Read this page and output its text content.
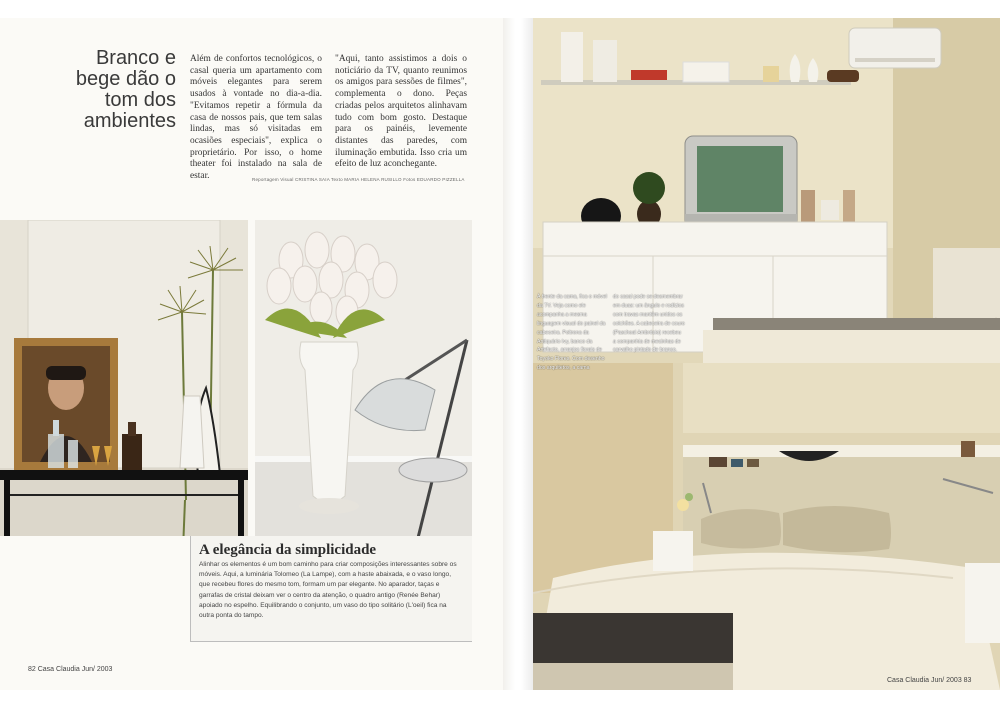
Branco e
bege dão o
tom dos
ambientes

Além de confortos tecnológicos, o casal queria um apartamento com móveis elegantes para serem usados à vontade no dia-a-dia. "Evitamos repetir a fórmula da casa de nossos pais, que tem salas lindas, mas só visitadas em ocasiões especiais", explica o proprietário. Por isso, o home theater foi instalado na sala de estar.

"Aqui, tanto assistimos a dois o noticiário da TV, quanto reunimos os amigos para sessões de filmes", complementa o dono. Peças criadas pelos arquitetos alinhavam tudo com bom gosto. Destaque para os painéis, levemente distantes das paredes, com iluminação embutida. Isso cria um efeito de luz aconchegante.

Reportagem Visual CRISTINA SAIA Texto MARIA HELENA RUSILLO Fotos EDUARDO PIZZELLA
A elegância da simplicidade

Alinhar os elementos é um bom caminho para criar composições interessantes sobre os móveis. Aqui, a luminária Tolomeo (La Lampe), com a haste abaixada, e o vaso longo, que recebeu flores do mesmo tom, formam um par elegante. No aparador, taças e garrafas de cristal deixam ver o centro da atenção, o quadro antigo (Renée Behar) apoiado no espelho. Equilibrando o conjunto, um vaso do tipo solitário (L'oeil) fica na outra ponta do tampo.

82 Casa Claudia Jun/ 2003

À frente da cama, fica o móvel da TV. Veja como ele acompanha a mesma linguagem visual do painel da cabeceira. Poltrona da Antiquário Ivy, banco da Artefacto, arranjos florais de Toyoko Flores. Com desenho dos arquitetos, a cama

do casal pode se desmembrar em duas: um ângulo e rodízios com travas mantêm unidos os colchões. A cabeceira de couro (Paschoal Ambrósio) recebeu a companhia de mesinhas de carvalho pintado de branco.

Casa Claudia Jun/ 2003 83
